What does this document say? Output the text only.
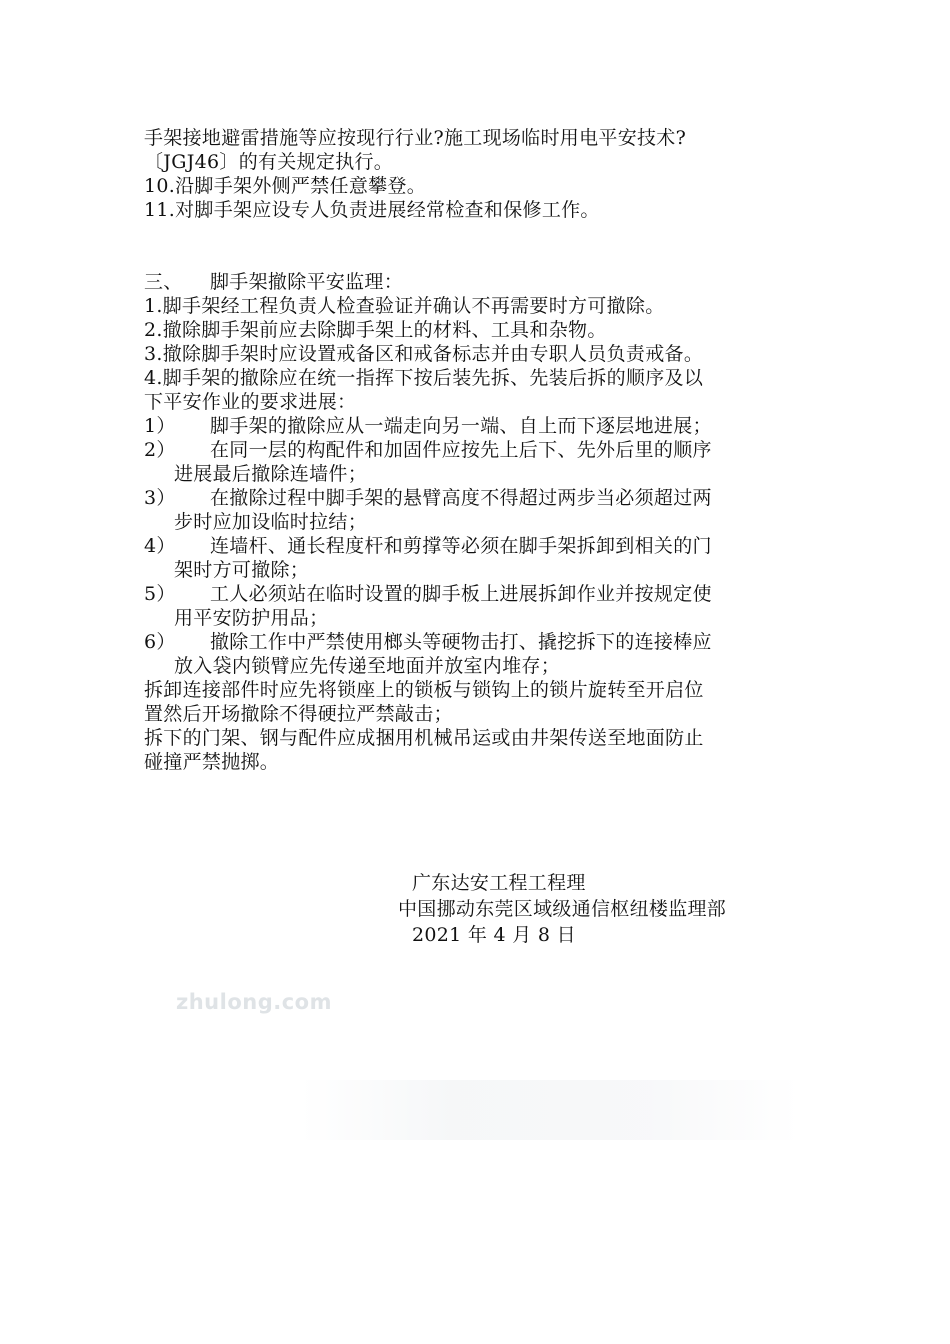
手架接地避雷措施等应按现行行业?施工现场临时用电平安技术?
〔JGJ46〕的有关规定执行。
10.沿脚手架外侧严禁任意攀登。
11.对脚手架应设专人负责进展经常检查和保修工作。
三、 脚手架撤除平安监理：
1.脚手架经工程负责人检查验证并确认不再需要时方可撤除。
2.撤除脚手架前应去除脚手架上的材料、工具和杂物。
3.撤除脚手架时应设置戒备区和戒备标志并由专职人员负责戒备。
4.脚手架的撤除应在统一指挥下按后装先拆、先装后拆的顺序及以
下平安作业的要求进展：
1） 脚手架的撤除应从一端走向另一端、自上而下逐层地进展；
2） 在同一层的构配件和加固件应按先上后下、先外后里的顺序
进展最后撤除连墙件；
3） 在撤除过程中脚手架的悬臂高度不得超过两步当必须超过两
步时应加设临时拉结；
4） 连墙杆、通长程度杆和剪撑等必须在脚手架拆卸到相关的门
架时方可撤除；
5） 工人必须站在临时设置的脚手板上进展拆卸作业并按规定使
用平安防护用品；
6） 撤除工作中严禁使用榔头等硬物击打、撬挖拆下的连接棒应
放入袋内锁臂应先传递至地面并放室内堆存；
拆卸连接部件时应先将锁座上的锁板与锁钩上的锁片旋转至开启位
置然后开场撤除不得硬拉严禁敲击；
拆下的门架、钢与配件应成捆用机械吊运或由井架传送至地面防止
碰撞严禁抛掷。
广东达安工程工程理
中国挪动东莞区域级通信枢纽楼监理部
2021 年 4 月 8 日
zhulong.com
